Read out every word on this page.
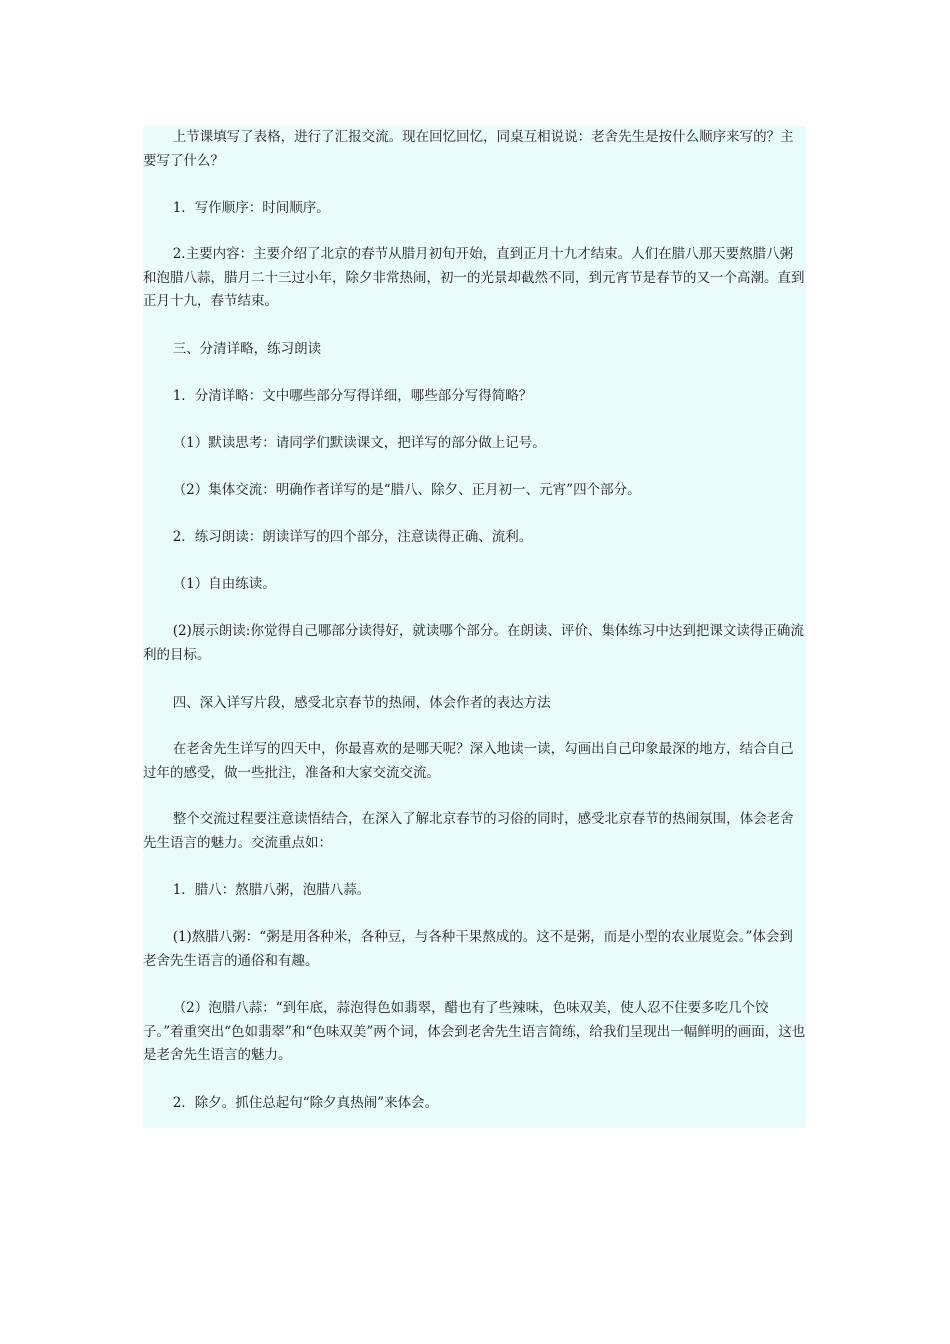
上节课填写了表格，进行了汇报交流。现在回忆回忆，同桌互相说说：老舍先生是按什么顺序来写的？主要写了什么？

1．写作顺序：时间顺序。

2.主要内容：主要介绍了北京的春节从腊月初旬开始，直到正月十九才结束。人们在腊八那天要熬腊八粥和泡腊八蒜，腊月二十三过小年，除夕非常热闹，初一的光景却截然不同，到元宵节是春节的又一个高潮。直到正月十九，春节结束。

三、分清详略，练习朗读

1．分清详略：文中哪些部分写得详细，哪些部分写得简略？

（1）默读思考：请同学们默读课文，把详写的部分做上记号。

（2）集体交流：明确作者详写的是“腊八、除夕、正月初一、元宵”四个部分。

2．练习朗读：朗读详写的四个部分，注意读得正确、流利。

（1）自由练读。

(2)展示朗读:你觉得自己哪部分读得好，就读哪个部分。在朗读、评价、集体练习中达到把课文读得正确流利的目标。

四、深入详写片段，感受北京春节的热闹，体会作者的表达方法

在老舍先生详写的四天中，你最喜欢的是哪天呢？深入地读一读，勾画出自己印象最深的地方，结合自己过年的感受，做一些批注，准备和大家交流交流。

整个交流过程要注意读悟结合，在深入了解北京春节的习俗的同时，感受北京春节的热闹氛围，体会老舍先生语言的魅力。交流重点如：

1．腊八：熬腊八粥，泡腊八蒜。

(1)熬腊八粥：“粥是用各种米，各种豆，与各种干果熬成的。这不是粥，而是小型的农业展览会。”体会到老舍先生语言的通俗和有趣。

（2）泡腊八蒜：“到年底，蒜泡得色如翡翠，醋也有了些辣味，色味双美，使人忍不住要多吃几个饺子。”着重突出“色如翡翠”和“色味双美”两个词，体会到老舍先生语言简练，给我们呈现出一幅鲜明的画面，这也是老舍先生语言的魅力。

2．除夕。抓住总起句“除夕真热闹”来体会。
